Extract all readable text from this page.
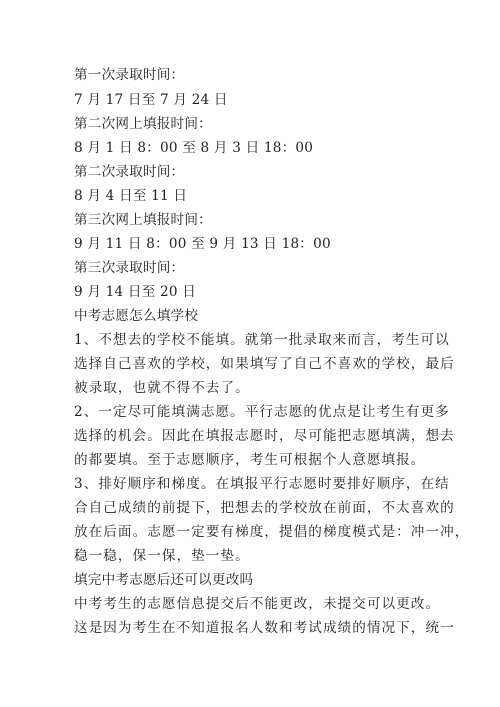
第一次录取时间：
7 月 17 日至 7 月 24 日
第二次网上填报时间：
8 月 1 日 8：00 至 8 月 3 日 18：00
第二次录取时间：
8 月 4 日至 11 日
第三次网上填报时间：
9 月 11 日 8：00 至 9 月 13 日 18：00
第三次录取时间：
9 月 14 日至 20 日
中考志愿怎么填学校
1、不想去的学校不能填。就第一批录取来而言，考生可以
选择自己喜欢的学校，如果填写了自己不喜欢的学校，最后
被录取，也就不得不去了。
2、一定尽可能填满志愿。平行志愿的优点是让考生有更多
选择的机会。因此在填报志愿时，尽可能把志愿填满，想去
的都要填。至于志愿顺序，考生可根据个人意愿填报。
3、排好顺序和梯度。在填报平行志愿时要排好顺序，在结
合自己成绩的前提下，把想去的学校放在前面，不太喜欢的
放在后面。志愿一定要有梯度，提倡的梯度模式是：冲一冲，
稳一稳，保一保，垫一垫。
填完中考志愿后还可以更改吗
中考考生的志愿信息提交后不能更改，未提交可以更改。
这是因为考生在不知道报名人数和考试成绩的情况下，统一
